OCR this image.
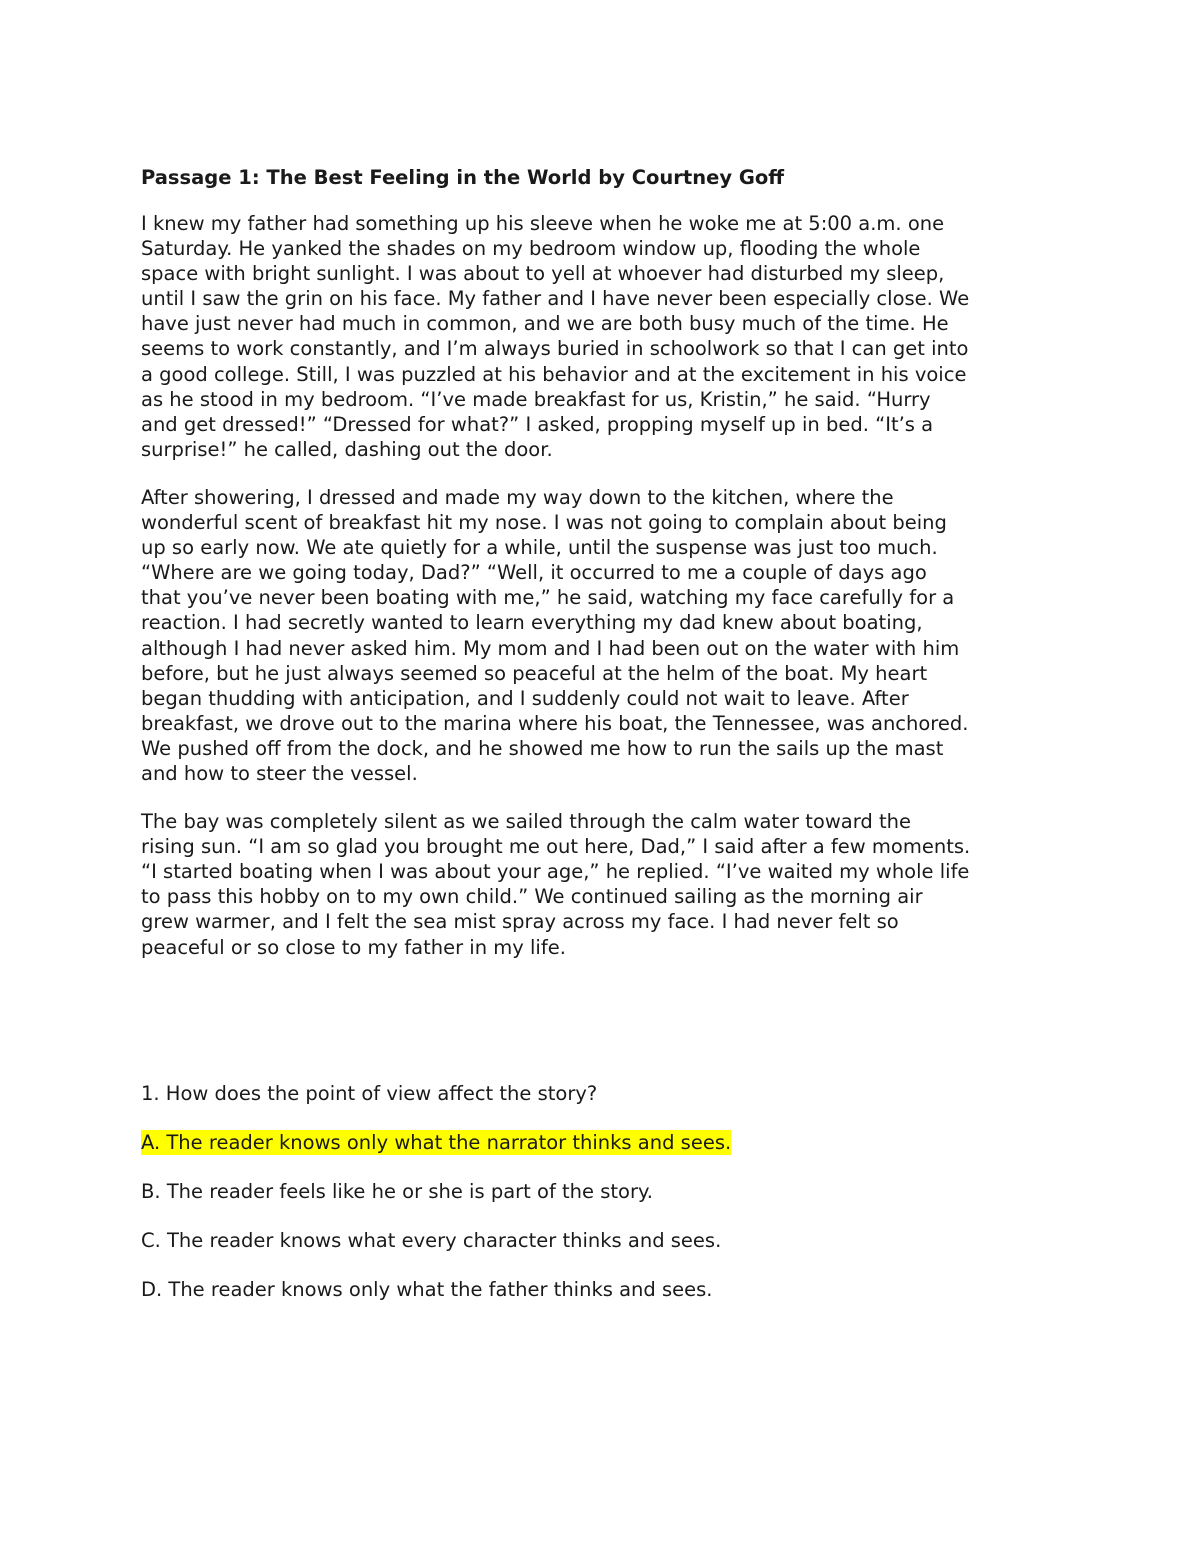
Passage 1: The Best Feeling in the World by Courtney Goff
I knew my father had something up his sleeve when he woke me at 5:00 a.m. one
Saturday. He yanked the shades on my bedroom window up, flooding the whole
space with bright sunlight. I was about to yell at whoever had disturbed my sleep,
until I saw the grin on his face. My father and I have never been especially close. We
have just never had much in common, and we are both busy much of the time. He
seems to work constantly, and I’m always buried in schoolwork so that I can get into
a good college. Still, I was puzzled at his behavior and at the excitement in his voice
as he stood in my bedroom. “I’ve made breakfast for us, Kristin,” he said. “Hurry
and get dressed!” “Dressed for what?” I asked, propping myself up in bed. “It’s a
surprise!” he called, dashing out the door.
After showering, I dressed and made my way down to the kitchen, where the
wonderful scent of breakfast hit my nose. I was not going to complain about being
up so early now. We ate quietly for a while, until the suspense was just too much.
“Where are we going today, Dad?” “Well, it occurred to me a couple of days ago
that you’ve never been boating with me,” he said, watching my face carefully for a
reaction. I had secretly wanted to learn everything my dad knew about boating,
although I had never asked him. My mom and I had been out on the water with him
before, but he just always seemed so peaceful at the helm of the boat. My heart
began thudding with anticipation, and I suddenly could not wait to leave. After
breakfast, we drove out to the marina where his boat, the Tennessee, was anchored.
We pushed off from the dock, and he showed me how to run the sails up the mast
and how to steer the vessel.
The bay was completely silent as we sailed through the calm water toward the
rising sun. “I am so glad you brought me out here, Dad,” I said after a few moments.
“I started boating when I was about your age,” he replied. “I’ve waited my whole life
to pass this hobby on to my own child.” We continued sailing as the morning air
grew warmer, and I felt the sea mist spray across my face. I had never felt so
peaceful or so close to my father in my life.
1. How does the point of view affect the story?
A. The reader knows only what the narrator thinks and sees.
B. The reader feels like he or she is part of the story.
C. The reader knows what every character thinks and sees.
D. The reader knows only what the father thinks and sees.
